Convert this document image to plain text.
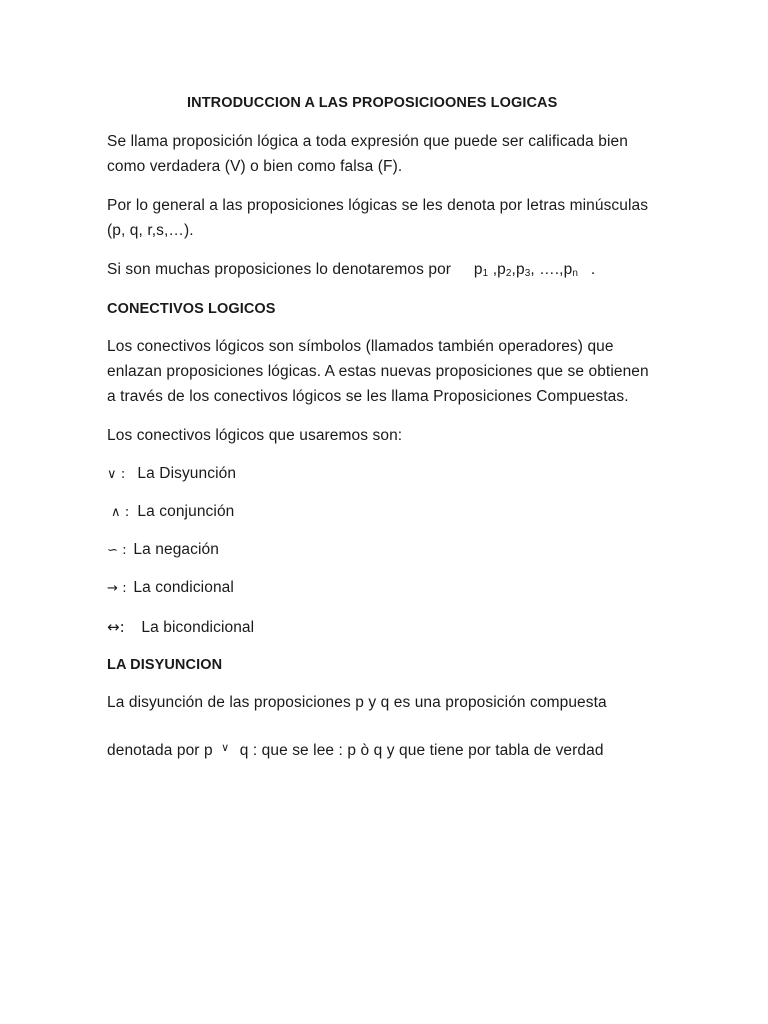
INTRODUCCION A LAS PROPOSICIOONES LOGICAS
Se llama proposición lógica a toda expresión que puede ser calificada bien
como verdadera (V) o bien como falsa (F).
Por lo general a las proposiciones lógicas se les denota por letras minúsculas
(p, q, r,s,…).
Si son muchas proposiciones lo denotaremos por $p_1$ $,p_2,p_3$, $\dots.,p_n$ .
CONECTIVOS LOGICOS
Los conectivos lógicos son símbolos (llamados también operadores) que
enlazan proposiciones lógicas. A estas nuevas proposiciones que se obtienen
a través de los conectivos lógicos se les llama Proposiciones Compuestas.
Los conectivos lógicos que usaremos son:
∨ : La Disyunción
∧ : La conjunción
∽ : La negación
→ : La condicional
↔: La bicondicional
LA DISYUNCION
La disyunción de las proposiciones p y q es una proposición compuesta
denotada por p ∨ q : que se lee : p ò q y que tiene por tabla de verdad
